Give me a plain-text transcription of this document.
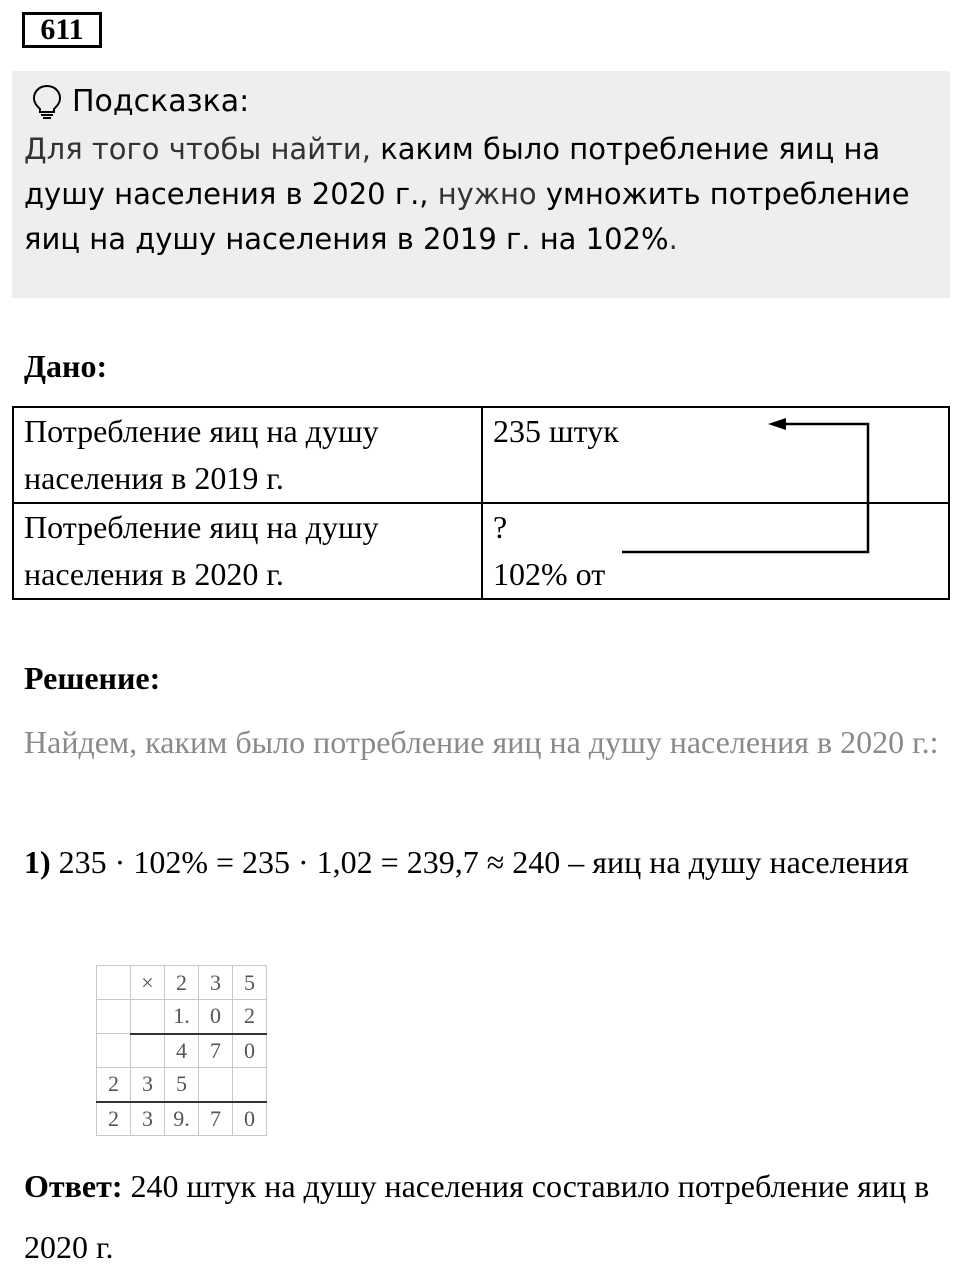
611
Подсказка:
Для того чтобы найти, каким было потребление яиц на душу населения в 2020 г., нужно умножить потребление яиц на душу населения в 2019 г. на 102%.
Дано:
Потребление яиц на душу населения в 2019 г.	235 штук

Потребление яиц на душу населения в 2020 г.	?
102% от
Решение:
Найдем, каким было потребление яиц на душу населения в 2020 г.:
1) 235 · 102% = 235 · 1,02 = 239,7 ≈ 240 – яиц на душу населения
	×	2	3	5
		1.	0	2
		4	7	0
2	3	5		
2	3	9.	7	0
Ответ: 240 штук на душу населения составило потребление яиц в 2020 г.
